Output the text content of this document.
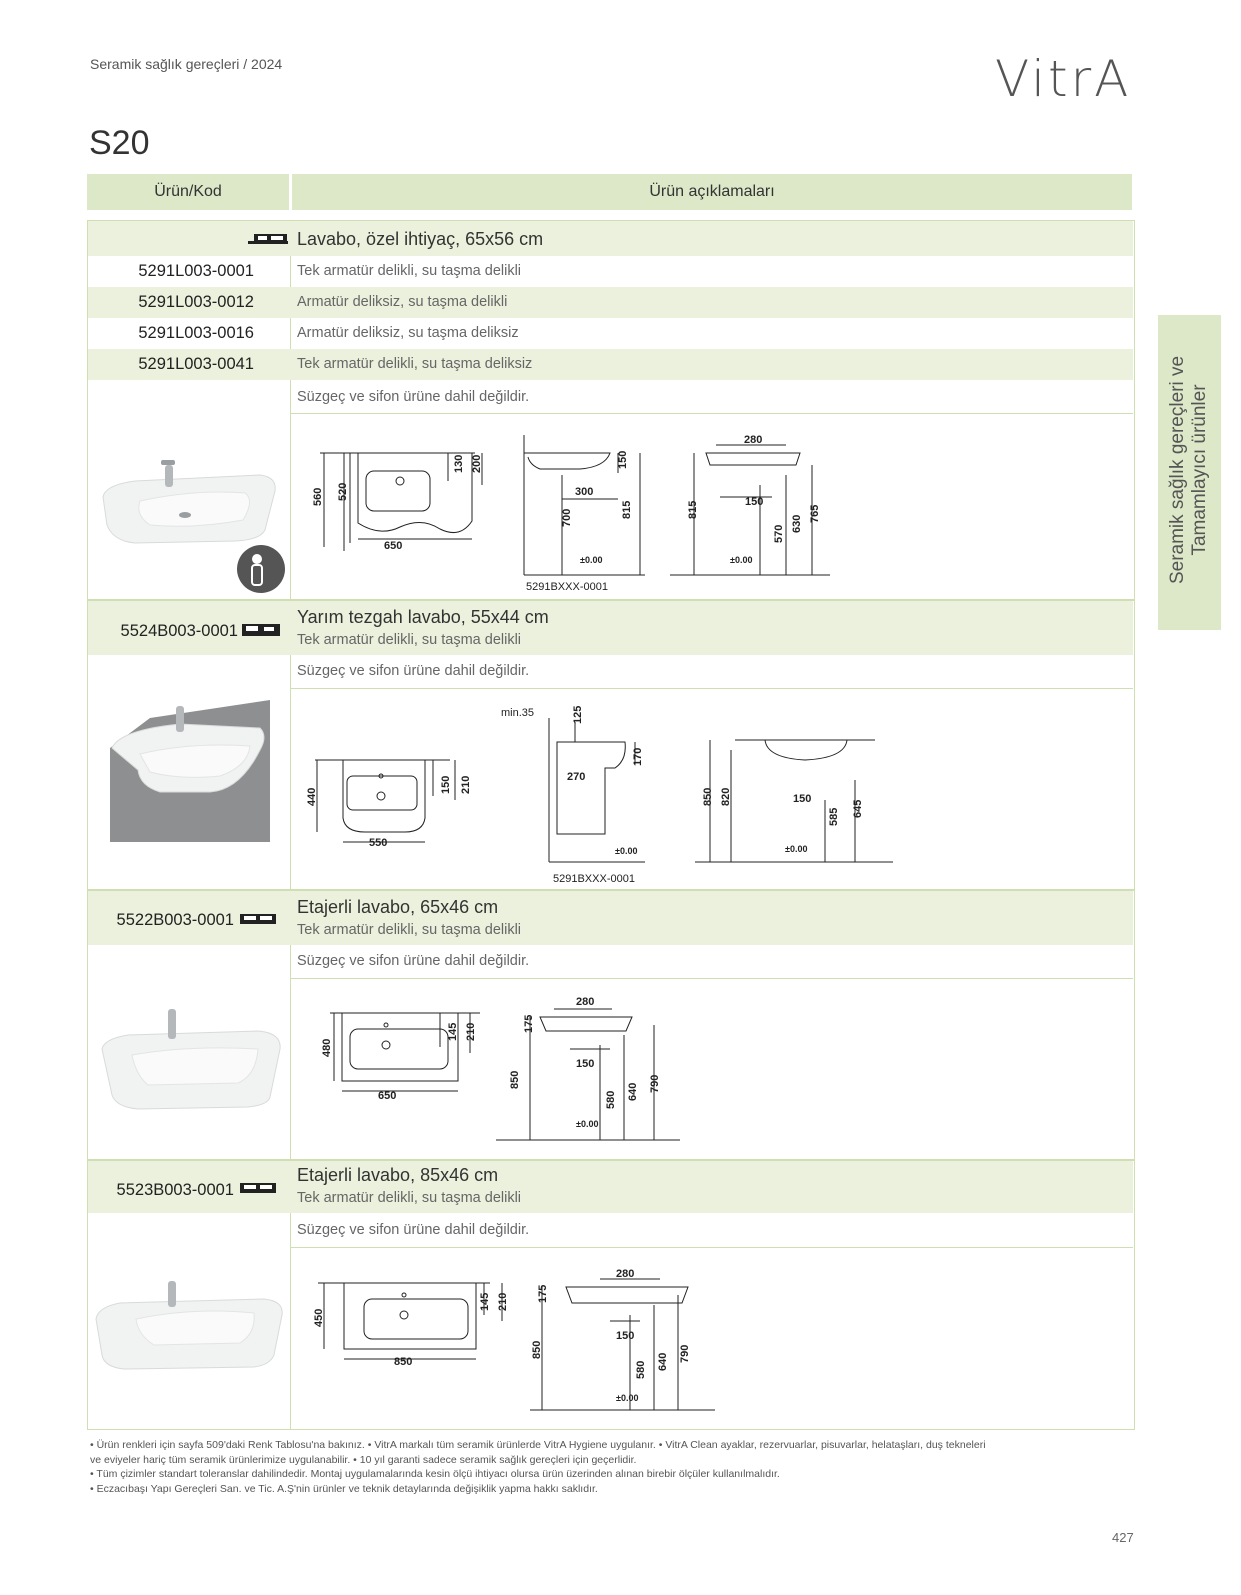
Seramik sağlık gereçleri / 2024	VitrA
S20
Ürün/Kod	Ürün açıklamaları
Seramik sağlık gereçleri ve Tamamlayıcı ürünler
Lavabo, özel ihtiyaç, 65x56 cm
5291L003-0001	Tek armatür delikli, su taşma delikli
5291L003-0012	Armatür deliksiz, su taşma delikli
5291L003-0016	Armatür deliksiz, su taşma deliksiz
5291L003-0041	Tek armatür delikli, su taşma deliksiz
Süzgeç ve sifon ürüne dahil değildir.
650
560 520
130 200	150
300
700	815
±0.00
5291BXXX-0001
280
815	150
570
630
765
±0.00
5524B003-0001
Yarım tezgah lavabo, 55x44 cm
Tek armatür delikli, su taşma delikli
Süzgeç ve sifon ürüne dahil değildir.
550
440
150 210
min.35	125
270
170
±0.00
5291BXXX-0001
850 820	150
585 645
±0.00
5522B003-0001
Etajerli lavabo, 65x46 cm
Tek armatür delikli, su taşma delikli
Süzgeç ve sifon ürüne dahil değildir.
650
480
145 210	175
280
150
850
580 640 790
±0.00
5523B003-0001
Etajerli lavabo, 85x46 cm
Tek armatür delikli, su taşma delikli
Süzgeç ve sifon ürüne dahil değildir.
850
450
145 210	175
280
150
850
580 640 790
±0.00
• Ürün renkleri için sayfa 509'daki Renk Tablosu'na bakınız. • VitrA markalı tüm seramik ürünlerde VitrA Hygiene uygulanır. • VitrA Clean ayaklar, rezervuarlar, pisuvarlar, helataşları, duş tekneleri
ve eviyeler hariç tüm seramik ürünlerimize uygulanabilir. • 10 yıl garanti sadece seramik sağlık gereçleri için geçerlidir.
• Tüm çizimler standart toleranslar dahilindedir. Montaj uygulamalarında kesin ölçü ihtiyacı olursa ürün üzerinden alınan birebir ölçüler kullanılmalıdır.
• Eczacıbaşı Yapı Gereçleri San. ve Tic. A.Ş'nin ürünler ve teknik detaylarında değişiklik yapma hakkı saklıdır.
427
